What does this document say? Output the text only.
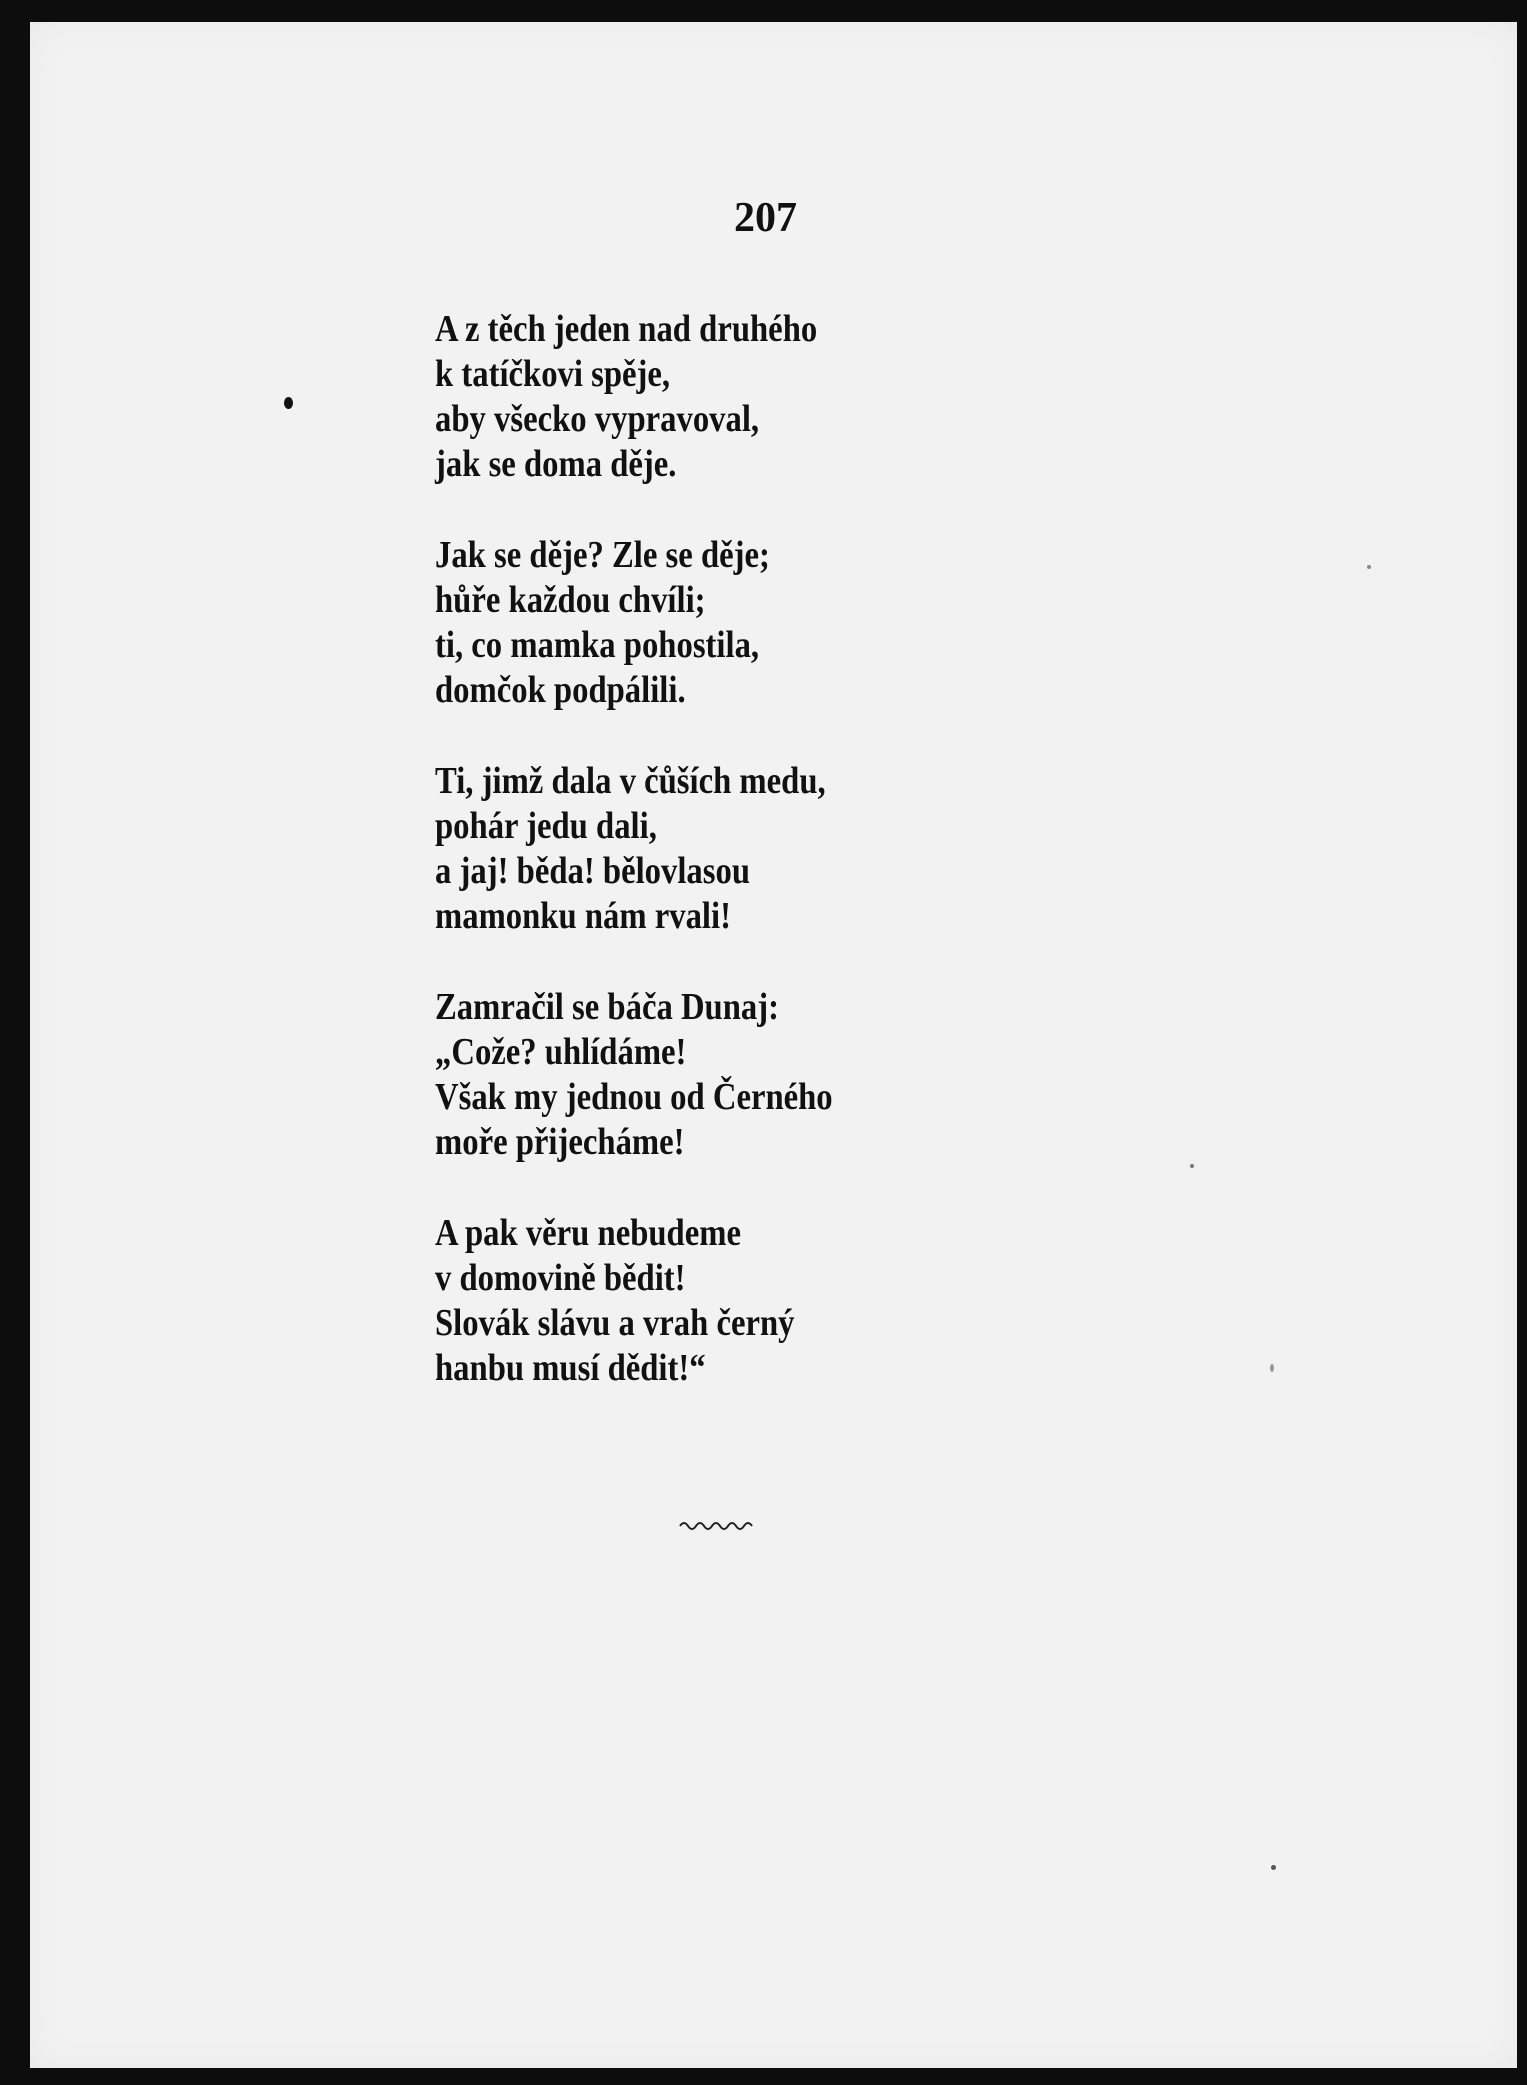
207
A z těch jeden nad druhého
k tatíčkovi spěje,
aby všecko vypravoval,
jak se doma děje.
Jak se děje? Zle se děje;
hůře každou chvíli;
ti, co mamka pohostila,
domčok podpálili.
Ti, jimž dala v čůších medu,
pohár jedu dali,
a jaj! běda! bělovlasou
mamonku nám rvali!
Zamračil se báča Dunaj:
„Cože? uhlídáme!
Však my jednou od Černého
moře přijecháme!
A pak věru nebudeme
v domovině bědit!
Slovák slávu a vrah černý
hanbu musí dědit!“
